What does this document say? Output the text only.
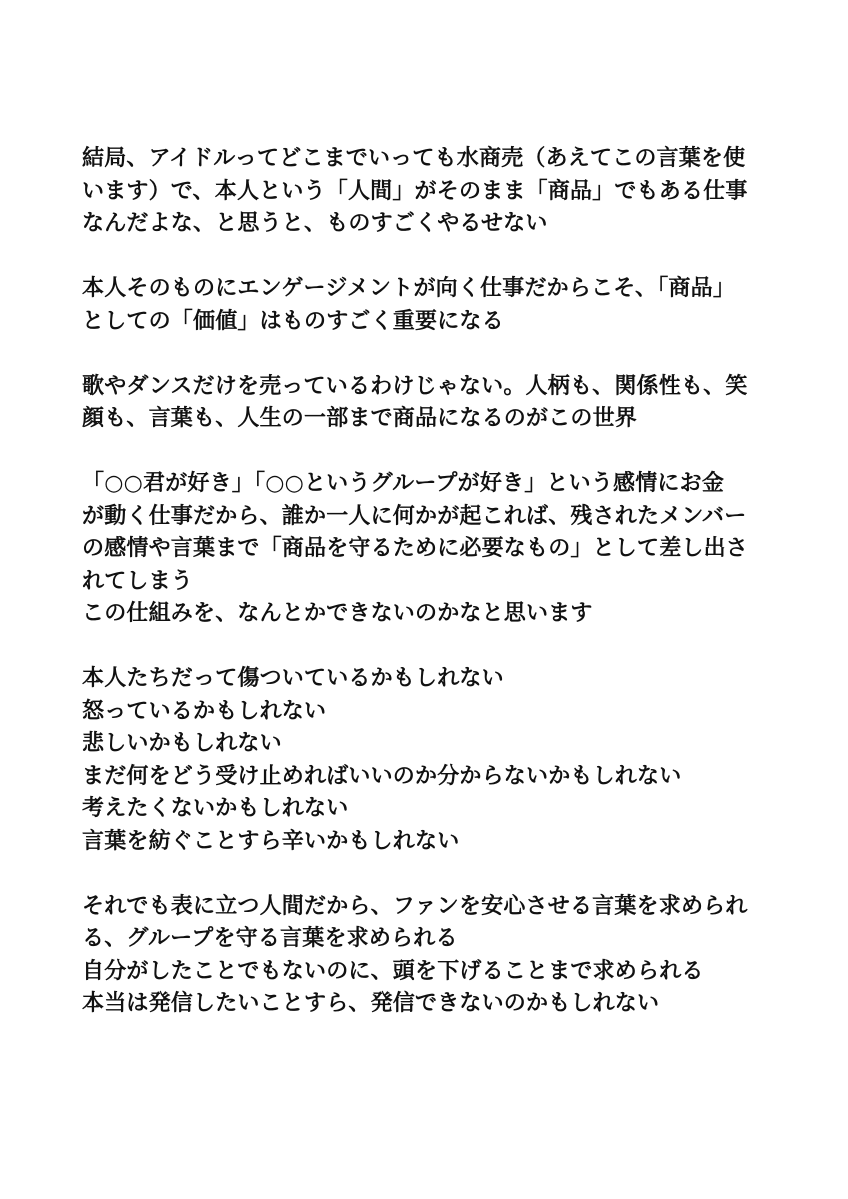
結局、アイドルってどこまでいっても水商売（あえてこの言葉を使
います）で、本人という「人間」がそのまま「商品」でもある仕事
なんだよな、と思うと、ものすごくやるせない
本人そのものにエンゲージメントが向く仕事だからこそ、「商品」
としての「価値」はものすごく重要になる
歌やダンスだけを売っているわけじゃない。人柄も、関係性も、笑
顔も、言葉も、人生の一部まで商品になるのがこの世界
「○○君が好き」「○○というグループが好き」という感情にお金
が動く仕事だから、誰か一人に何かが起これば、残されたメンバー
の感情や言葉まで「商品を守るために必要なもの」として差し出さ
れてしまう
この仕組みを、なんとかできないのかなと思います
本人たちだって傷ついているかもしれない
怒っているかもしれない
悲しいかもしれない
まだ何をどう受け止めればいいのか分からないかもしれない
考えたくないかもしれない
言葉を紡ぐことすら辛いかもしれない
それでも表に立つ人間だから、ファンを安心させる言葉を求められ
る、グループを守る言葉を求められる
自分がしたことでもないのに、頭を下げることまで求められる
本当は発信したいことすら、発信できないのかもしれない
